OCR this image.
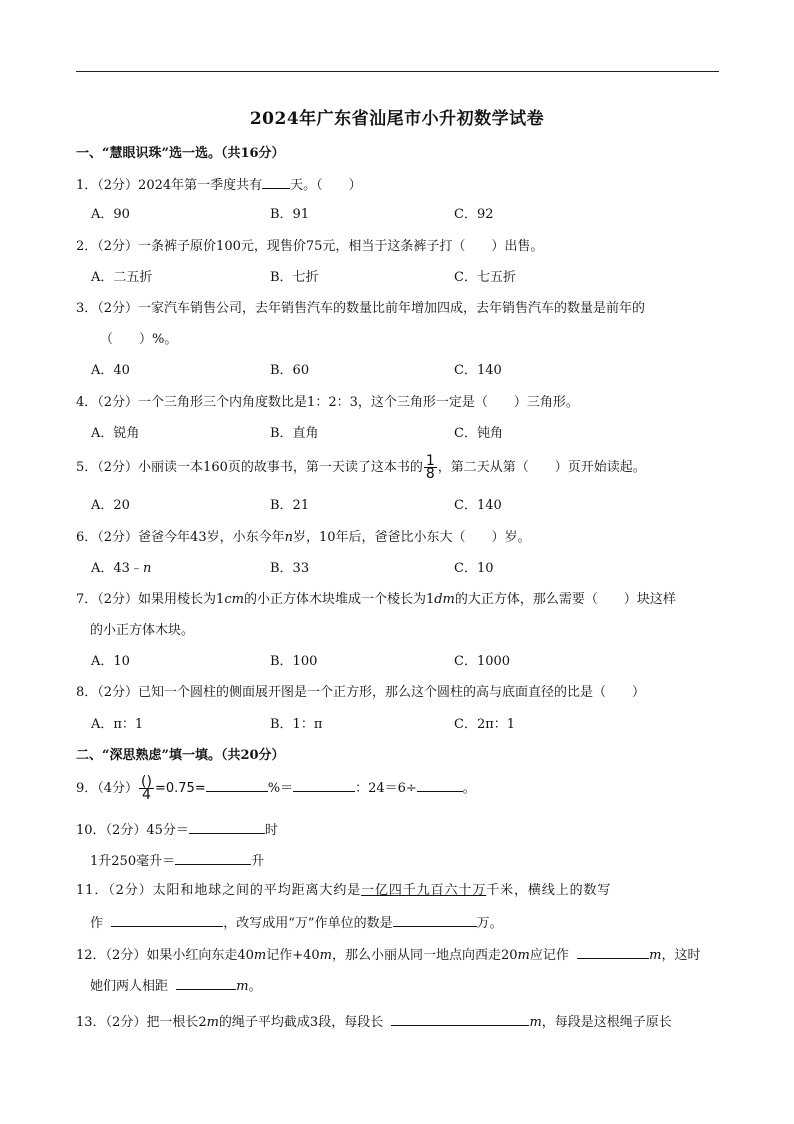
2024年广东省汕尾市小升初数学试卷
一、“慧眼识珠”选一选。（共16分）
1．（2分）2024年第一季度共有 天。（　　）
A．90	B．91	C．92
2．（2分）一条裤子原价100元，现售价75元，相当于这条裤子打（　　）出售。
A．二五折	B．七折	C．七五折
3．（2分）一家汽车销售公司，去年销售汽车的数量比前年增加四成，去年销售汽车的数量是前年的
（　　）%。
A．40	B．60	C．140
4．（2分）一个三角形三个内角度数比是1：2：3，这个三角形一定是（　　）三角形。
A．锐角	B．直角	C．钝角
5．（2分）小丽读一本160页的故事书，第一天读了这本书的 $\frac{1}{8}$ ，第二天从第（　　）页开始读起。
A．20	B．21	C．140
6．（2分）爸爸今年43岁，小东今年n岁，10年后，爸爸比小东大（　　）岁。
A．43﹣n	B．33	C．10
7．（2分）如果用棱长为1cm的小正方体木块堆成一个棱长为1dm的大正方体，那么需要（　　）块这样
的小正方体木块。
A．10	B．100	C．1000
8．（2分）已知一个圆柱的侧面展开图是一个正方形，那么这个圆柱的高与底面直径的比是（　　）
A．π：1	B．1：π	C．2π：1
二、“深思熟虑”填一填。（共20分）
9．（4分） $\frac{()}{4} =0.75=$	%＝	：24＝6÷	。
10．（2分）45分＝	时
1升250毫升＝	升
11．（2分）太阳和地球之间的平均距离大约是一亿四千九百六十万千米，横线上的数写
作	，改写成用“万”作单位的数是	万。
12．（2分）如果小红向东走40m记作+40m，那么小丽从同一地点向西走20m应记作	m，这时
她们两人相距	m。
13．（2分）把一根长2m的绳子平均截成3段，每段长	m，每段是这根绳子原长
